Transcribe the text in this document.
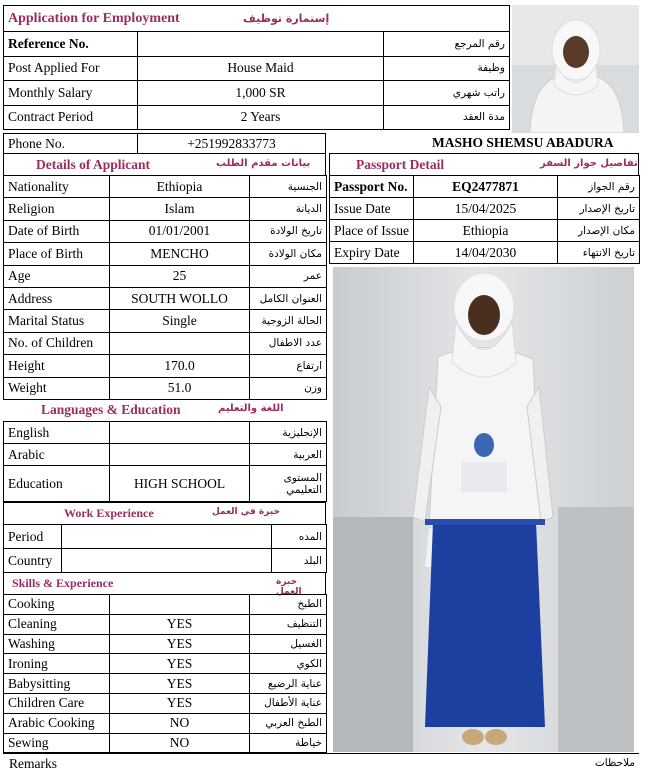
Application for Employment إستمارة توظيف		
Reference No.		رقم المرجع
Post Applied For	House Maid	وظيفة
Monthly Salary	1,000 SR	راتب شهري
Contract Period	2 Years	مدة العقد
Phone No.	+251992833773	MASHO SHEMSU ABADURA
Details of Applicant	بيانات مقدم الطلب
Nationality	Ethiopia	الجنسية
Religion	Islam	الديانة
Date of Birth	01/01/2001	تاريخ الولادة
Place of Birth	MENCHO	مكان الولادة
Age	25	عمر
Address	SOUTH WOLLO	العنوان الكامل
Marital Status	Single	الحالة الزوجية
No. of Children		عدد الاطفال
Height	170.0	ارتفاع
Weight	51.0	وزن
Languages & Education	اللغة والتعليم
English		الإنجليزية
Arabic		العربية
Education	HIGH SCHOOL	المستوى التعليمي
Work Experience	خبرة في العمل
Period		المده
Country		البلد
Skills & Experience	خبرة العمل
Cooking		الطبخ
Cleaning	YES	التنظيف
Washing	YES	الغسيل
Ironing	YES	الكوي
Babysitting	YES	عناية الرضيع
Children Care	YES	عناية الأطفال
Arabic Cooking	NO	الطبخ العربي
Sewing	NO	خياطة
Passport Detail	تفاصيل جواز السفر
Passport No.	EQ2477871	رقم الجواز
Issue Date	15/04/2025	تاريخ الإصدار
Place of Issue	Ethiopia	مكان الإصدار
Expiry Date	14/04/2030	تاريخ الانتهاء
Remarks	ملاحظات
